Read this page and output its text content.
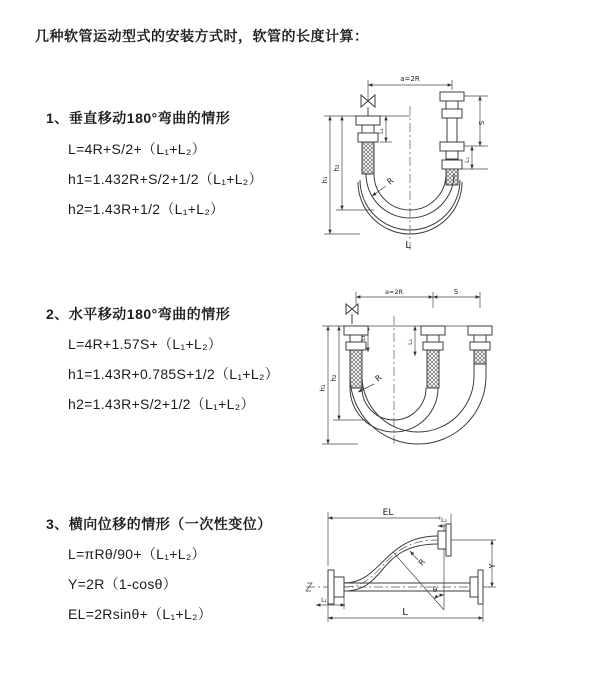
几种软管运动型式的安装方式时，软管的长度计算：
1、垂直移动180°弯曲的情形
L=4R+S/2+（L₁+L₂）
h1=1.432R+S/2+1/2（L₁+L₂）
h2=1.43R+1/2（L₁+L₂）
2、水平移动180°弯曲的情形
L=4R+1.57S+（L₁+L₂）
h1=1.43R+0.785S+1/2（L₁+L₂）
h2=1.43R+S/2+1/2（L₁+L₂）
3、横向位移的情形（一次性变位）
L=πRθ/90+（L₁+L₂）
Y=2R（1-cosθ）
EL=2Rsinθ+（L₁+L₂）
a=2R
h₁
h₂
L₁
S
L₂
R
L
a=2R	S
h₁
h₂
L₁
L₂
R
EL
L₂
Y
R
θ
L
L₁
